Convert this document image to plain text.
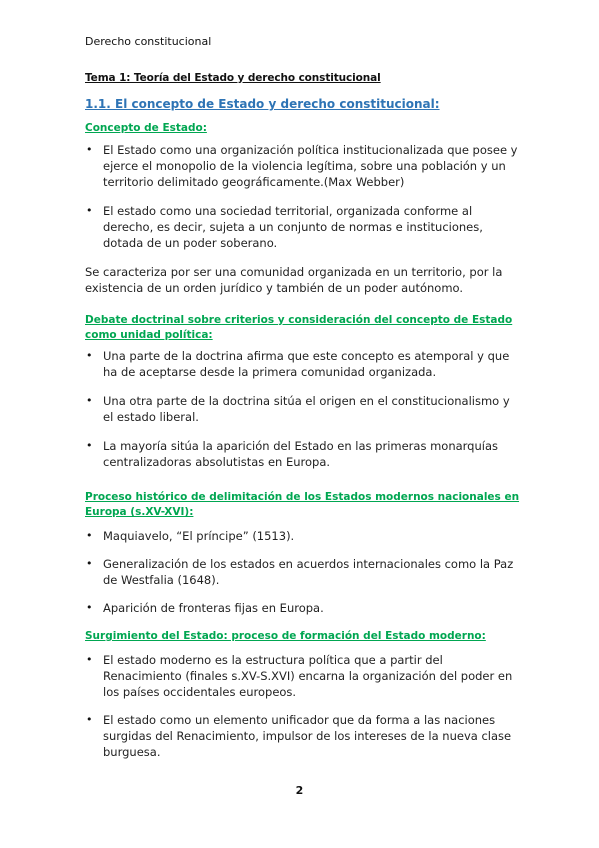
Derecho constitucional
Tema 1: Teoría del Estado y derecho constitucional
1.1. El concepto de Estado y derecho constitucional:
Concepto de Estado:
• El Estado como una organización política institucionalizada que posee y ejerce el monopolio de la violencia legítima, sobre una población y un territorio delimitado geográficamente.(Max Webber)
• El estado como una sociedad territorial, organizada conforme al derecho, es decir, sujeta a un conjunto de normas e instituciones, dotada de un poder soberano.
Se caracteriza por ser una comunidad organizada en un territorio, por la existencia de un orden jurídico y también de un poder autónomo.
Debate doctrinal sobre criterios y consideración del concepto de Estado como unidad política:
• Una parte de la doctrina afirma que este concepto es atemporal y que ha de aceptarse desde la primera comunidad organizada.
• Una otra parte de la doctrina sitúa el origen en el constitucionalismo y el estado liberal.
• La mayoría sitúa la aparición del Estado en las primeras monarquías centralizadoras absolutistas en Europa.
Proceso histórico de delimitación de los Estados modernos nacionales en Europa (s.XV-XVI):
• Maquiavelo, “El príncipe” (1513).
• Generalización de los estados en acuerdos internacionales como la Paz de Westfalia (1648).
• Aparición de fronteras fijas en Europa.
Surgimiento del Estado: proceso de formación del Estado moderno:
• El estado moderno es la estructura política que a partir del Renacimiento (finales s.XV-S.XVI) encarna la organización del poder en los países occidentales europeos.
• El estado como un elemento unificador que da forma a las naciones surgidas del Renacimiento, impulsor de los intereses de la nueva clase burguesa.
2
